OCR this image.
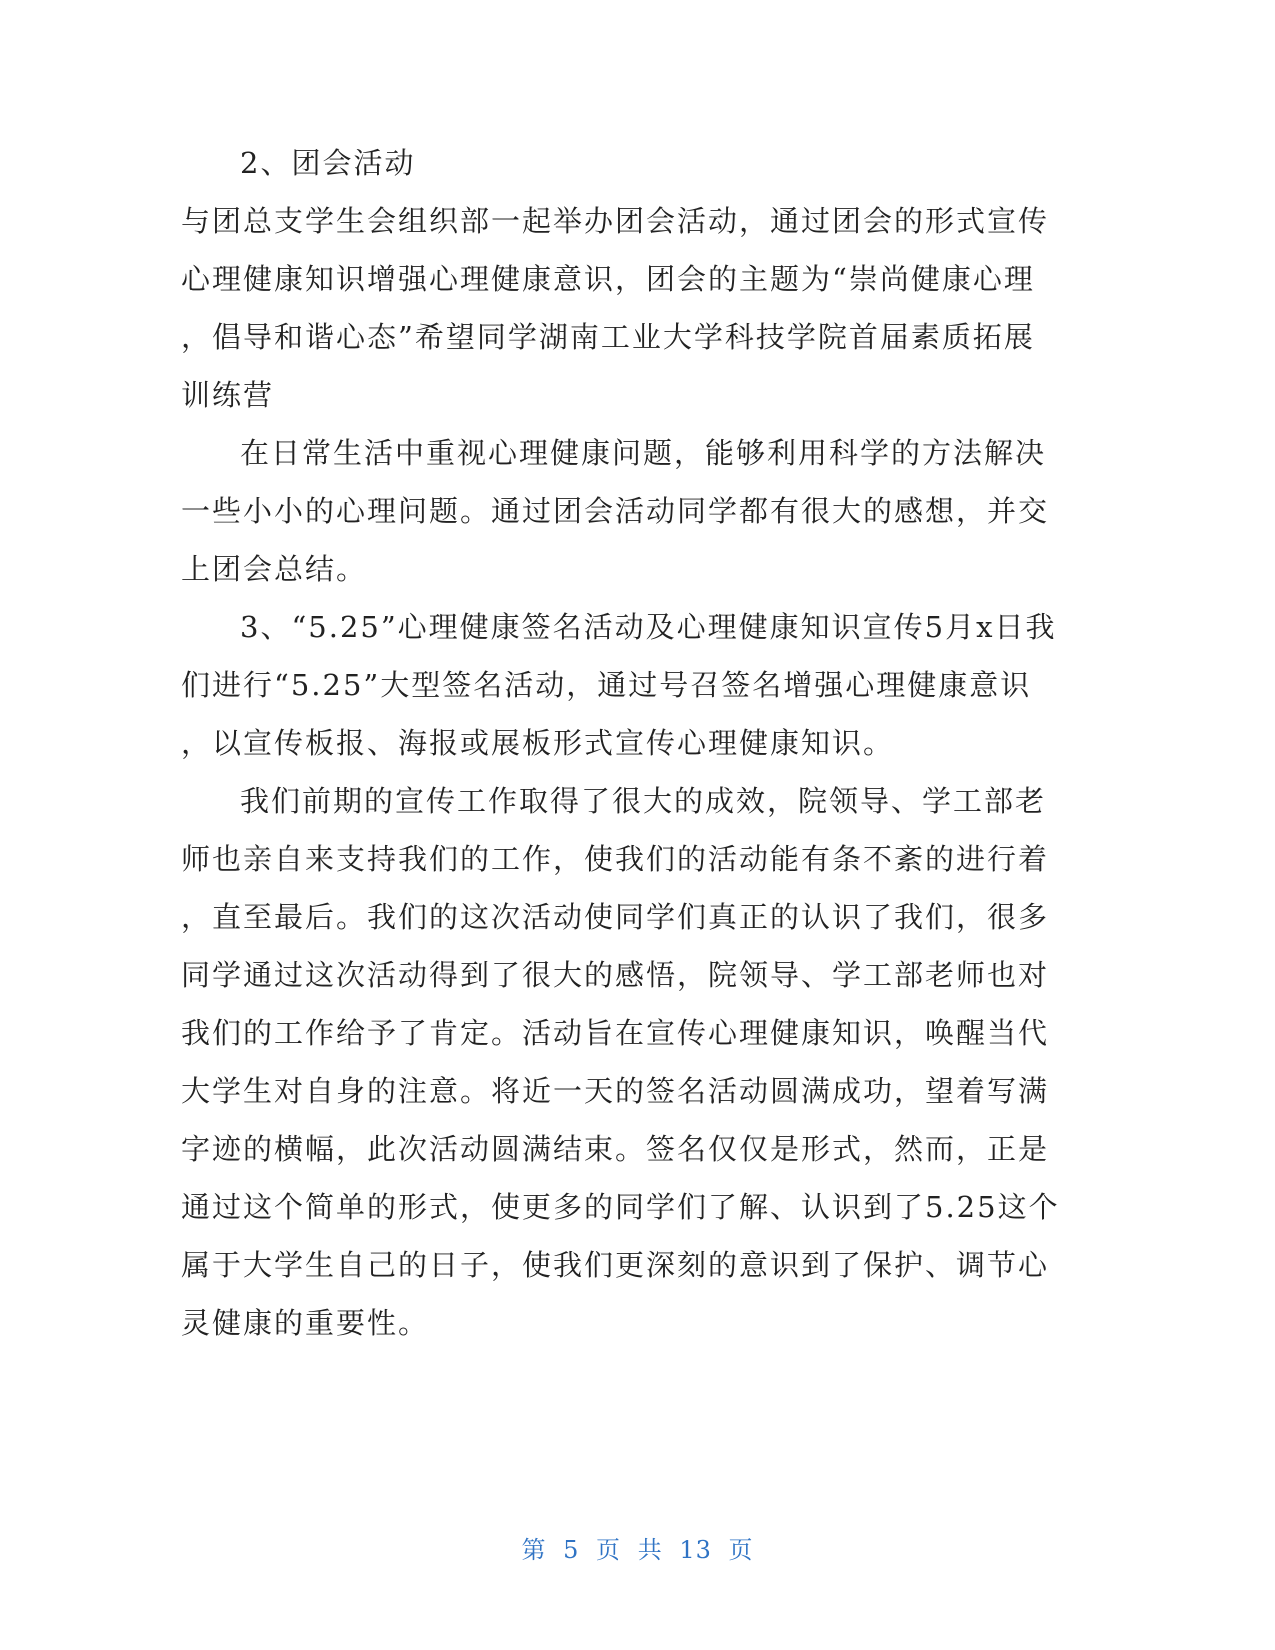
2、团会活动
与团总支学生会组织部一起举办团会活动，通过团会的形式宣传
心理健康知识增强心理健康意识，团会的主题为“崇尚健康心理
，倡导和谐心态”希望同学湖南工业大学科技学院首届素质拓展
训练营
在日常生活中重视心理健康问题，能够利用科学的方法解决
一些小小的心理问题。通过团会活动同学都有很大的感想，并交
上团会总结。
3、“5.25”心理健康签名活动及心理健康知识宣传5月x日我
们进行“5.25”大型签名活动，通过号召签名增强心理健康意识
，以宣传板报、海报或展板形式宣传心理健康知识。
我们前期的宣传工作取得了很大的成效，院领导、学工部老
师也亲自来支持我们的工作，使我们的活动能有条不紊的进行着
，直至最后。我们的这次活动使同学们真正的认识了我们，很多
同学通过这次活动得到了很大的感悟，院领导、学工部老师也对
我们的工作给予了肯定。活动旨在宣传心理健康知识，唤醒当代
大学生对自身的注意。将近一天的签名活动圆满成功，望着写满
字迹的横幅，此次活动圆满结束。签名仅仅是形式，然而，正是
通过这个简单的形式，使更多的同学们了解、认识到了5.25这个
属于大学生自己的日子，使我们更深刻的意识到了保护、调节心
灵健康的重要性。
第 5 页 共 13 页
